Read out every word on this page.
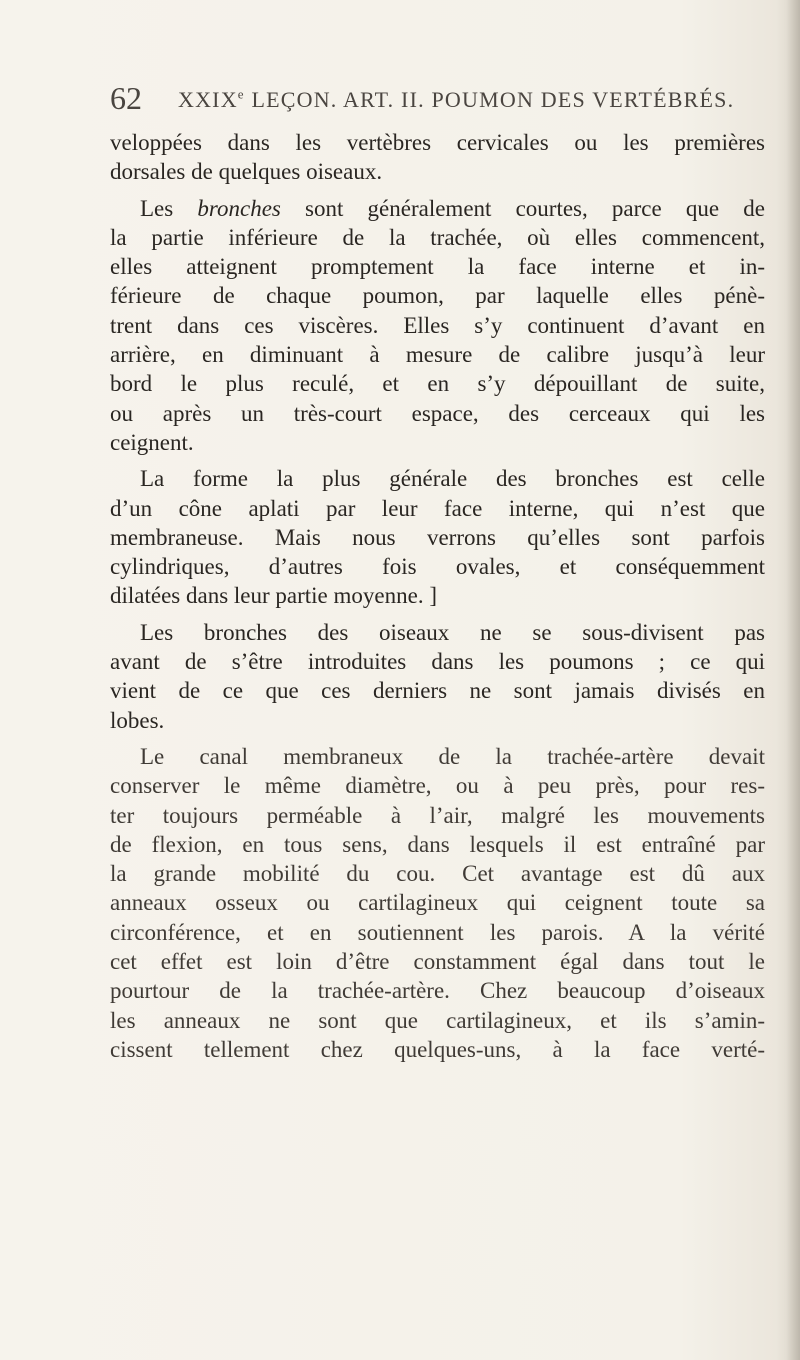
62 XXIXe LEÇON. ART. II. POUMON DES VERTÉBRÉS.
veloppées dans les vertèbres cervicales ou les premières
dorsales de quelques oiseaux.
Les bronches sont généralement courtes, parce que de
la partie inférieure de la trachée, où elles commencent,
elles atteignent promptement la face interne et in-
férieure de chaque poumon, par laquelle elles pénè-
trent dans ces viscères. Elles s’y continuent d’avant en
arrière, en diminuant à mesure de calibre jusqu’à leur
bord le plus reculé, et en s’y dépouillant de suite,
ou après un très-court espace, des cerceaux qui les
ceignent.
La forme la plus générale des bronches est celle
d’un cône aplati par leur face interne, qui n’est que
membraneuse. Mais nous verrons qu’elles sont parfois
cylindriques, d’autres fois ovales, et conséquemment
dilatées dans leur partie moyenne. ]
Les bronches des oiseaux ne se sous-divisent pas
avant de s’être introduites dans les poumons ; ce qui
vient de ce que ces derniers ne sont jamais divisés en
lobes.
Le canal membraneux de la trachée-artère devait
conserver le même diamètre, ou à peu près, pour res-
ter toujours perméable à l’air, malgré les mouvements
de flexion, en tous sens, dans lesquels il est entraîné par
la grande mobilité du cou. Cet avantage est dû aux
anneaux osseux ou cartilagineux qui ceignent toute sa
circonférence, et en soutiennent les parois. A la vérité
cet effet est loin d’être constamment égal dans tout le
pourtour de la trachée-artère. Chez beaucoup d’oiseaux
les anneaux ne sont que cartilagineux, et ils s’amin-
cissent tellement chez quelques-uns, à la face verté-
